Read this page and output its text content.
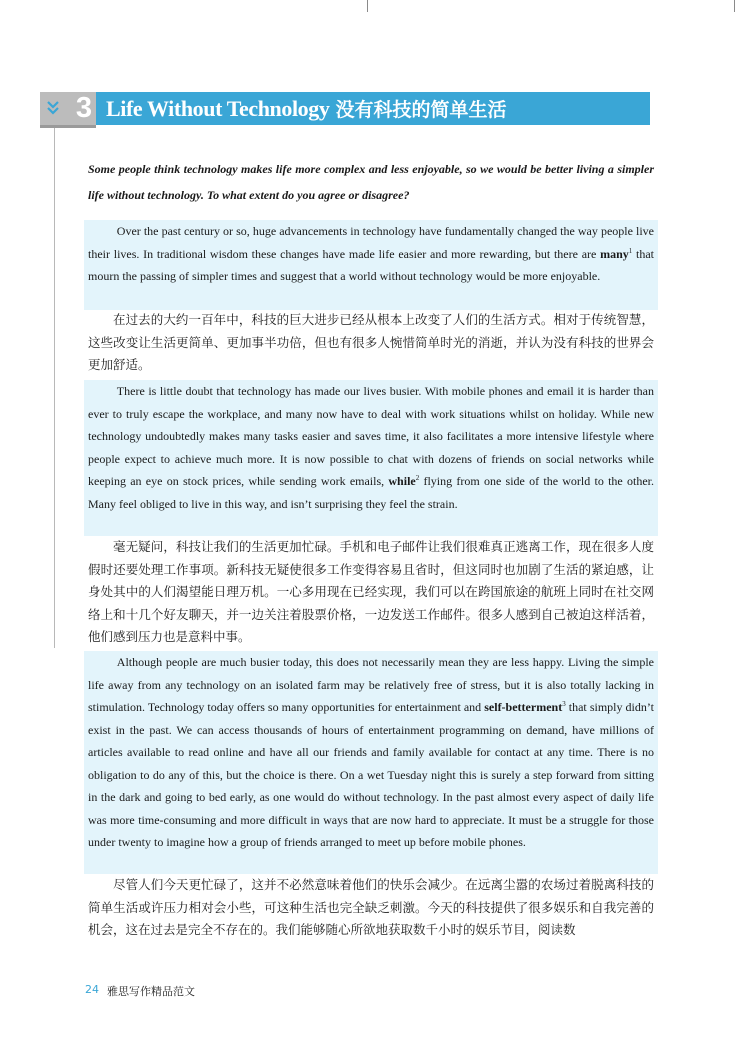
3 Life Without Technology 没有科技的简单生活

Some people think technology makes life more complex and less enjoyable, so we would be better living a simpler life without technology. To what extent do you agree or disagree?

Over the past century or so, huge advancements in technology have fundamentally changed the way people live their lives. In traditional wisdom these changes have made life easier and more rewarding, but there are many$^1$ that mourn the passing of simpler times and suggest that a world without technology would be more enjoyable.

在过去的大约一百年中，科技的巨大进步已经从根本上改变了人们的生活方式。相对于传统智慧，这些改变让生活更简单、更加事半功倍，但也有很多人惋惜简单时光的消逝，并认为没有科技的世界会更加舒适。

There is little doubt that technology has made our lives busier. With mobile phones and email it is harder than ever to truly escape the workplace, and many now have to deal with work situations whilst on holiday. While new technology undoubtedly makes many tasks easier and saves time, it also facilitates a more intensive lifestyle where people expect to achieve much more. It is now possible to chat with dozens of friends on social networks while keeping an eye on stock prices, while sending work emails, while$^2$ flying from one side of the world to the other. Many feel obliged to live in this way, and isn’t surprising they feel the strain.

毫无疑问，科技让我们的生活更加忙碌。手机和电子邮件让我们很难真正逃离工作，现在很多人度假时还要处理工作事项。新科技无疑使很多工作变得容易且省时，但这同时也加剧了生活的紧迫感，让身处其中的人们渴望能日理万机。一心多用现在已经实现，我们可以在跨国旅途的航班上同时在社交网络上和十几个好友聊天，并一边关注着股票价格，一边发送工作邮件。很多人感到自己被迫这样活着，他们感到压力也是意料中事。

Although people are much busier today, this does not necessarily mean they are less happy. Living the simple life away from any technology on an isolated farm may be relatively free of stress, but it is also totally lacking in stimulation. Technology today offers so many opportunities for entertainment and self-betterment$^3$ that simply didn’t exist in the past. We can access thousands of hours of entertainment programming on demand, have millions of articles available to read online and have all our friends and family available for contact at any time. There is no obligation to do any of this, but the choice is there. On a wet Tuesday night this is surely a step forward from sitting in the dark and going to bed early, as one would do without technology. In the past almost every aspect of daily life was more time-consuming and more difficult in ways that are now hard to appreciate. It must be a struggle for those under twenty to imagine how a group of friends arranged to meet up before mobile phones.

尽管人们今天更忙碌了，这并不必然意味着他们的快乐会减少。在远离尘嚣的农场过着脱离科技的简单生活或许压力相对会小些，可这种生活也完全缺乏刺激。今天的科技提供了很多娱乐和自我完善的机会，这在过去是完全不存在的。我们能够随心所欲地获取数千小时的娱乐节目，阅读数

24 雅思写作精品范文
